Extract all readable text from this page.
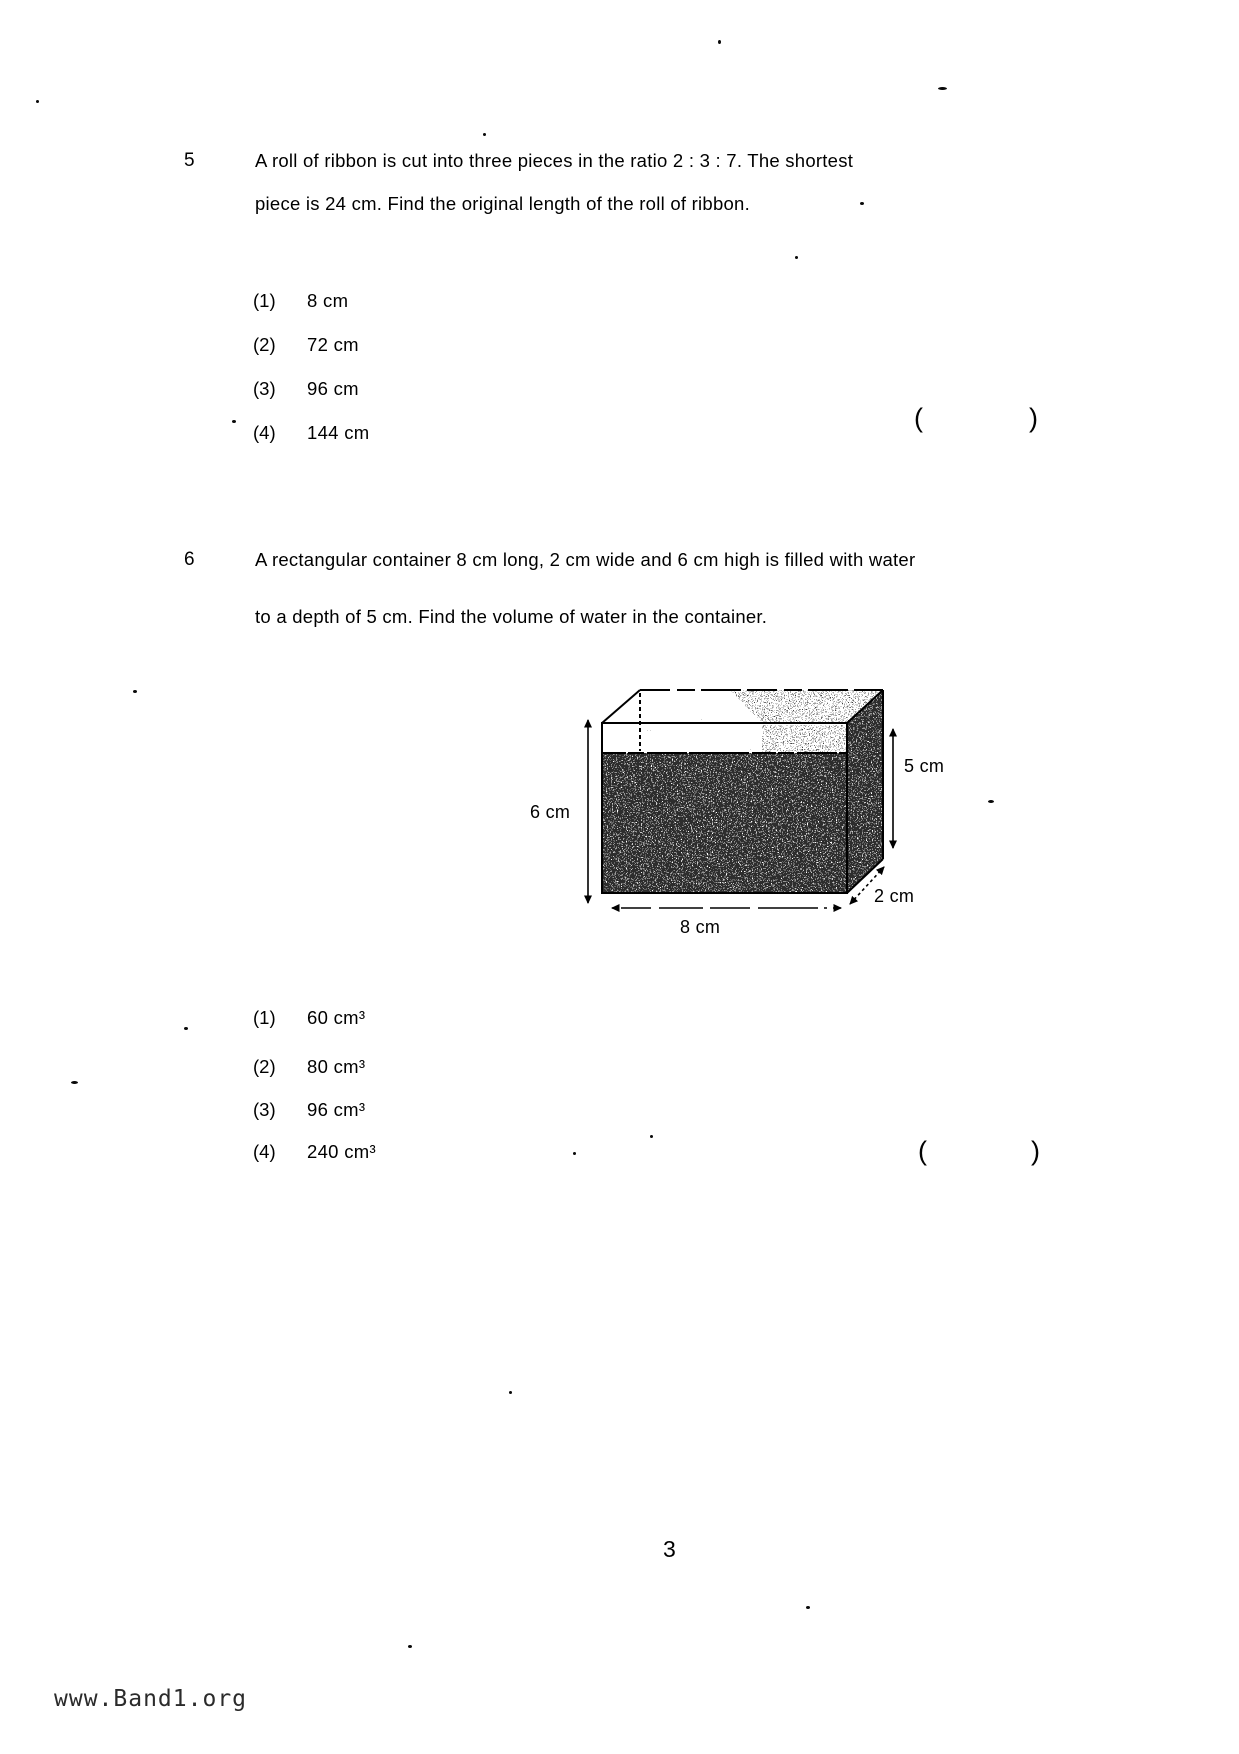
5	A roll of ribbon is cut into three pieces in the ratio 2 : 3 : 7. The shortest
piece is 24 cm. Find the original length of the roll of ribbon.
(1) 8 cm
(2) 72 cm
(3) 96 cm
(4) 144 cm	(	)
6	A rectangular container 8 cm long, 2 cm wide and 6 cm high is filled with water
to a depth of 5 cm. Find the volume of water in the container.
6 cm
5 cm
8 cm
2 cm
(1) 60 cm³
(2) 80 cm³
(3) 96 cm³
(4) 240 cm³	(	)
3
www.Band1.org
